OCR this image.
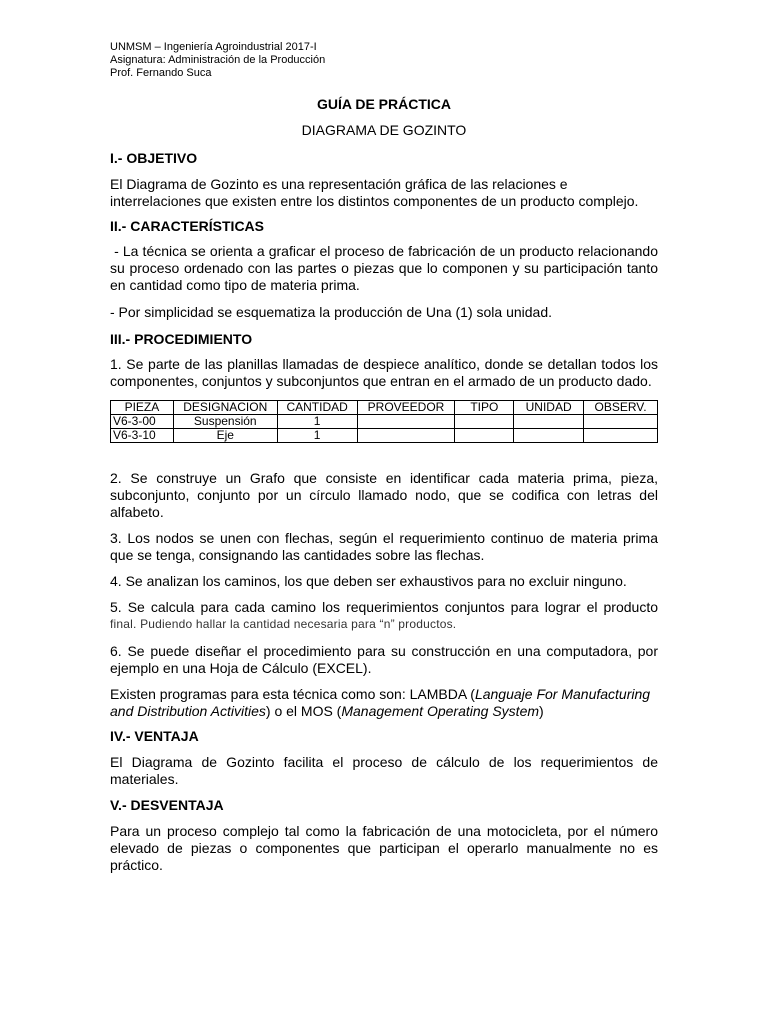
UNMSM – Ingeniería Agroindustrial 2017-I
Asignatura: Administración de la Producción
Prof. Fernando Suca
GUÍA DE PRÁCTICA
DIAGRAMA DE GOZINTO
I.- OBJETIVO
El Diagrama de Gozinto es una representación gráfica de las relaciones e interrelaciones que existen entre los distintos componentes de un producto complejo.
II.- CARACTERÍSTICAS
- La técnica se orienta a graficar el proceso de fabricación de un producto relacionando su proceso ordenado con las partes o piezas que lo componen y su participación tanto en cantidad como tipo de materia prima.
- Por simplicidad se esquematiza la producción de Una (1) sola unidad.
III.- PROCEDIMIENTO
1. Se parte de las planillas llamadas de despiece analítico, donde se detallan todos los componentes, conjuntos y subconjuntos que entran en el armado de un producto dado.
PIEZA	DESIGNACION	CANTIDAD	PROVEEDOR	TIPO	UNIDAD	OBSERV.
V6-3-00	Suspensión	1				
V6-3-10	Eje	1				
2. Se construye un Grafo que consiste en identificar cada materia prima, pieza, subconjunto, conjunto por un círculo llamado nodo, que se codifica con letras del alfabeto.
3. Los nodos se unen con flechas, según el requerimiento continuo de materia prima que se tenga, consignando las cantidades sobre las flechas.
4. Se analizan los caminos, los que deben ser exhaustivos para no excluir ninguno.
5. Se calcula para cada camino los requerimientos conjuntos para lograr el producto
final. Pudiendo hallar la cantidad necesaria para “n” productos.
6. Se puede diseñar el procedimiento para su construcción en una computadora, por ejemplo en una Hoja de Cálculo (EXCEL).
Existen programas para esta técnica como son: LAMBDA (Languaje For Manufacturing and Distribution Activities) o el MOS (Management Operating System)
IV.- VENTAJA
El Diagrama de Gozinto facilita el proceso de cálculo de los requerimientos de materiales.
V.- DESVENTAJA
Para un proceso complejo tal como la fabricación de una motocicleta, por el número elevado de piezas o componentes que participan el operarlo manualmente no es práctico.
